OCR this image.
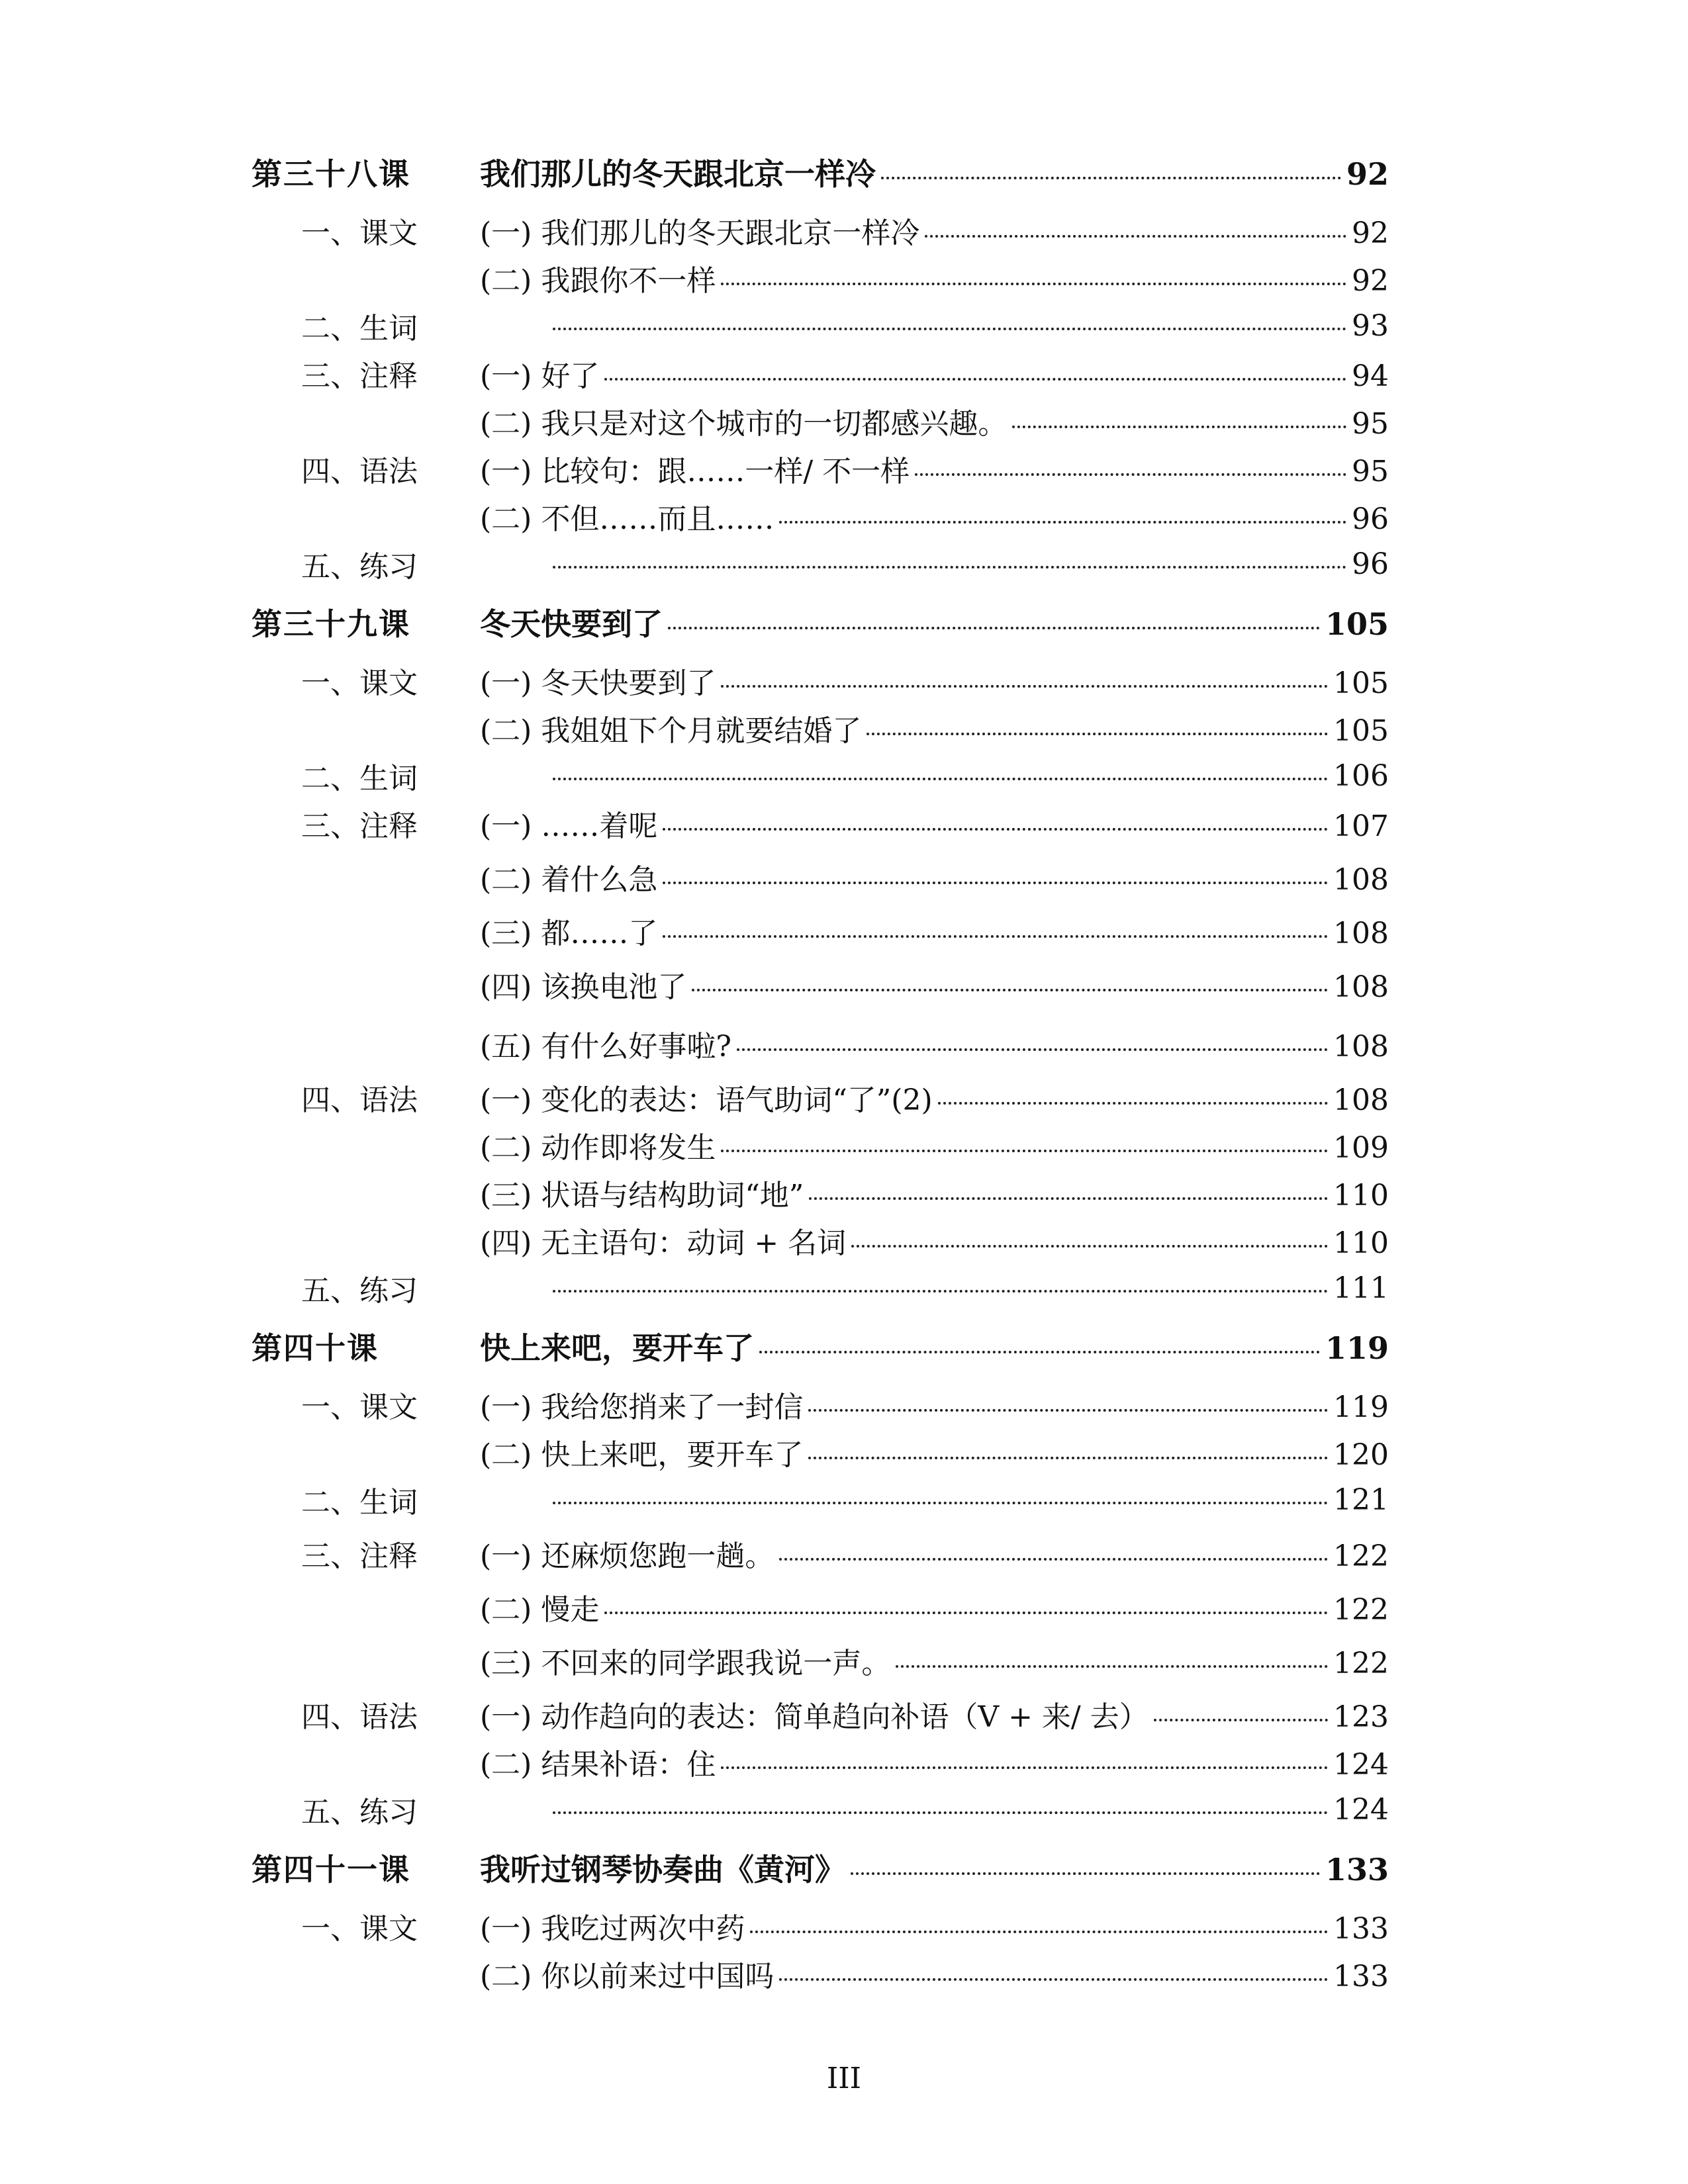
第三十八课	我们那儿的冬天跟北京一样冷	92
一、课文	(一) 我们那儿的冬天跟北京一样冷	92
(二) 我跟你不一样	92
二、生词	93
三、注释	(一) 好了	94
(二) 我只是对这个城市的一切都感兴趣。	95
四、语法	(一) 比较句：跟……一样/ 不一样	95
(二) 不但……而且……	96
五、练习	96
第三十九课	冬天快要到了	105
一、课文	(一) 冬天快要到了	105
(二) 我姐姐下个月就要结婚了	105
二、生词	106
三、注释	(一) ……着呢	107
(二) 着什么急	108
(三) 都……了	108
(四) 该换电池了	108
(五) 有什么好事啦?	108
四、语法	(一) 变化的表达：语气助词“了”(2)	108
(二) 动作即将发生	109
(三) 状语与结构助词“地”	110
(四) 无主语句：动词 + 名词	110
五、练习	111
第四十课	快上来吧，要开车了	119
一、课文	(一) 我给您捎来了一封信	119
(二) 快上来吧，要开车了	120
二、生词	121
三、注释	(一) 还麻烦您跑一趟。	122
(二) 慢走	122
(三) 不回来的同学跟我说一声。	122
四、语法	(一) 动作趋向的表达：简单趋向补语（V + 来/ 去）	123
(二) 结果补语：住	124
五、练习	124
第四十一课	我听过钢琴协奏曲《黄河》	133
一、课文	(一) 我吃过两次中药	133
(二) 你以前来过中国吗	133
III
